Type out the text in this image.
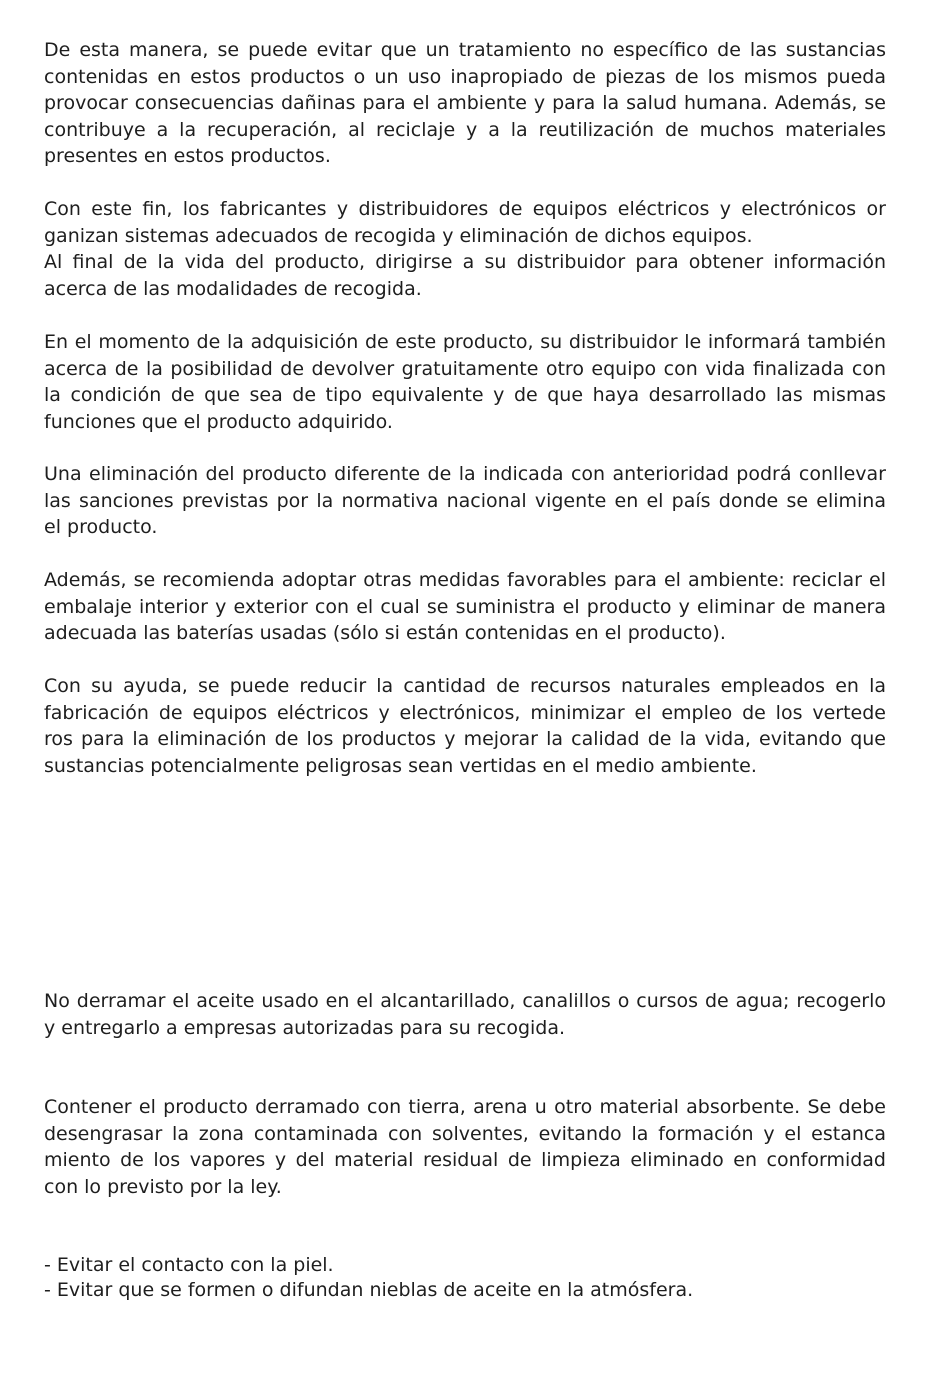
De esta manera, se puede evitar que un tratamiento no específico de las sustancias
contenidas en estos productos o un uso inapropiado de piezas de los mismos pueda
provocar consecuencias dañinas para el ambiente y para la salud humana. Además, se
contribuye a la recuperación, al reciclaje y a la reutilización de muchos materiales
presentes en estos productos.

Con este fin, los fabricantes y distribuidores de equipos eléctricos y electrónicos or
ganizan sistemas adecuados de recogida y eliminación de dichos equipos.
Al final de la vida del producto, dirigirse a su distribuidor para obtener información
acerca de las modalidades de recogida.

En el momento de la adquisición de este producto, su distribuidor le informará también
acerca de la posibilidad de devolver gratuitamente otro equipo con vida finalizada con
la condición de que sea de tipo equivalente y de que haya desarrollado las mismas
funciones que el producto adquirido.

Una eliminación del producto diferente de la indicada con anterioridad podrá conllevar
las sanciones previstas por la normativa nacional vigente en el país donde se elimina
el producto.

Además, se recomienda adoptar otras medidas favorables para el ambiente: reciclar el
embalaje interior y exterior con el cual se suministra el producto y eliminar de manera
adecuada las baterías usadas (sólo si están contenidas en el producto).

Con su ayuda, se puede reducir la cantidad de recursos naturales empleados en la
fabricación de equipos eléctricos y electrónicos, minimizar el empleo de los vertede
ros para la eliminación de los productos y mejorar la calidad de la vida, evitando que
sustancias potencialmente peligrosas sean vertidas en el medio ambiente.

No derramar el aceite usado en el alcantarillado, canalillos o cursos de agua; recogerlo
y entregarlo a empresas autorizadas para su recogida.

Contener el producto derramado con tierra, arena u otro material absorbente. Se debe
desengrasar la zona contaminada con solventes, evitando la formación y el estanca
miento de los vapores y del material residual de limpieza eliminado en conformidad
con lo previsto por la ley.

- Evitar el contacto con la piel.
- Evitar que se formen o difundan nieblas de aceite en la atmósfera.
